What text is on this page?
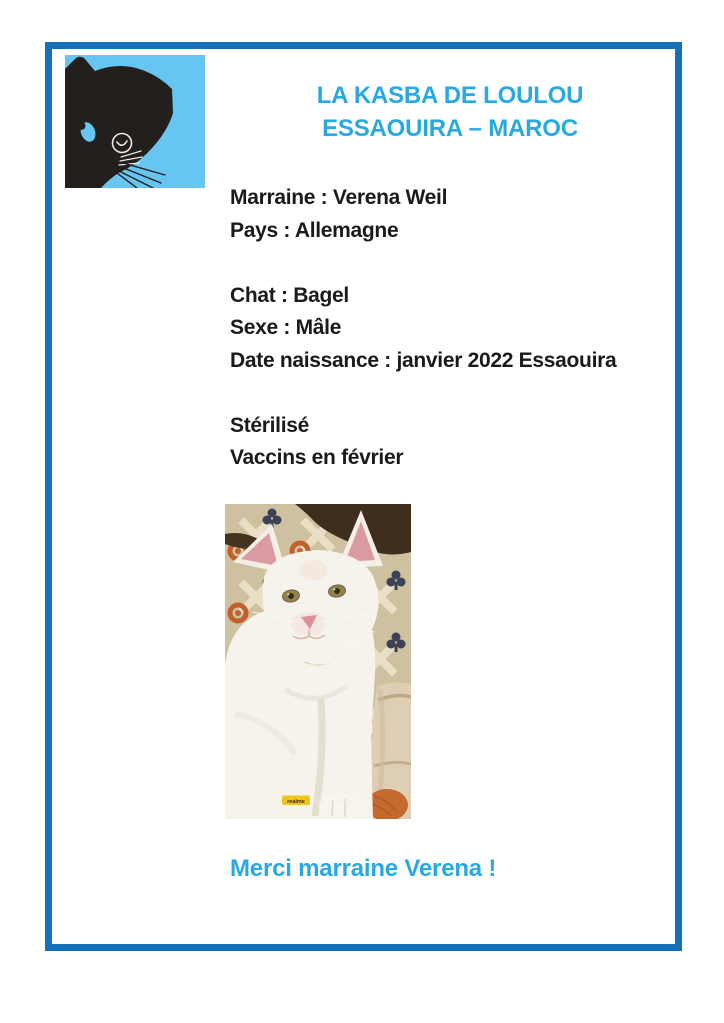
LA KASBA DE LOULOU
ESSAOUIRA – MAROC
Marraine : Verena Weil
Pays : Allemagne
Chat : Bagel
Sexe : Mâle
Date naissance : janvier 2022 Essaouira
Stérilisé
Vaccins en février
realme Shot on realme 6i
Merci marraine Verena !
